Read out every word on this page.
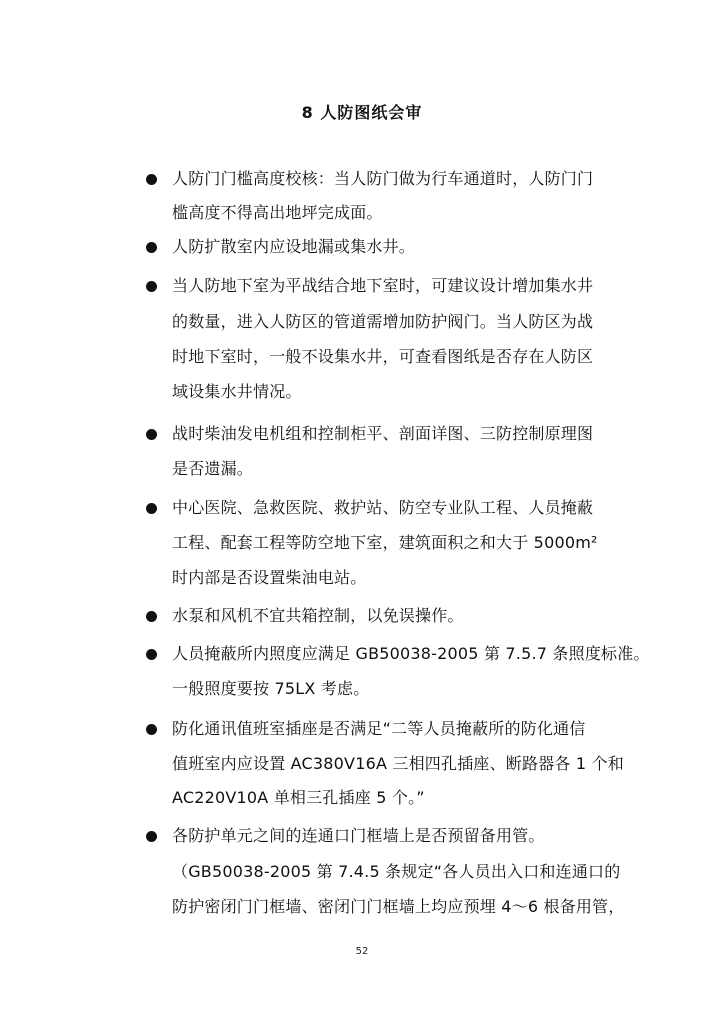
8 人防图纸会审
人防门门槛高度校核：当人防门做为行车通道时，人防门门
槛高度不得高出地坪完成面。
人防扩散室内应设地漏或集水井。
当人防地下室为平战结合地下室时，可建议设计增加集水井
的数量，进入人防区的管道需增加防护阀门。当人防区为战
时地下室时，一般不设集水井，可查看图纸是否存在人防区
域设集水井情况。
战时柴油发电机组和控制柜平、剖面详图、三防控制原理图
是否遗漏。
中心医院、急救医院、救护站、防空专业队工程、人员掩蔽
工程、配套工程等防空地下室，建筑面积之和大于 5000m²
时内部是否设置柴油电站。
水泵和风机不宜共箱控制，以免误操作。
人员掩蔽所内照度应满足 GB50038-2005 第 7.5.7 条照度标准。
一般照度要按 75LX 考虑。
防化通讯值班室插座是否满足“二等人员掩蔽所的防化通信
值班室内应设置 AC380V16A 三相四孔插座、断路器各 1 个和
AC220V10A 单相三孔插座 5 个。”
各防护单元之间的连通口门框墙上是否预留备用管。
（GB50038-2005 第 7.4.5 条规定“各人员出入口和连通口的
防护密闭门门框墙、密闭门门框墙上均应预埋 4～6 根备用管，
52
